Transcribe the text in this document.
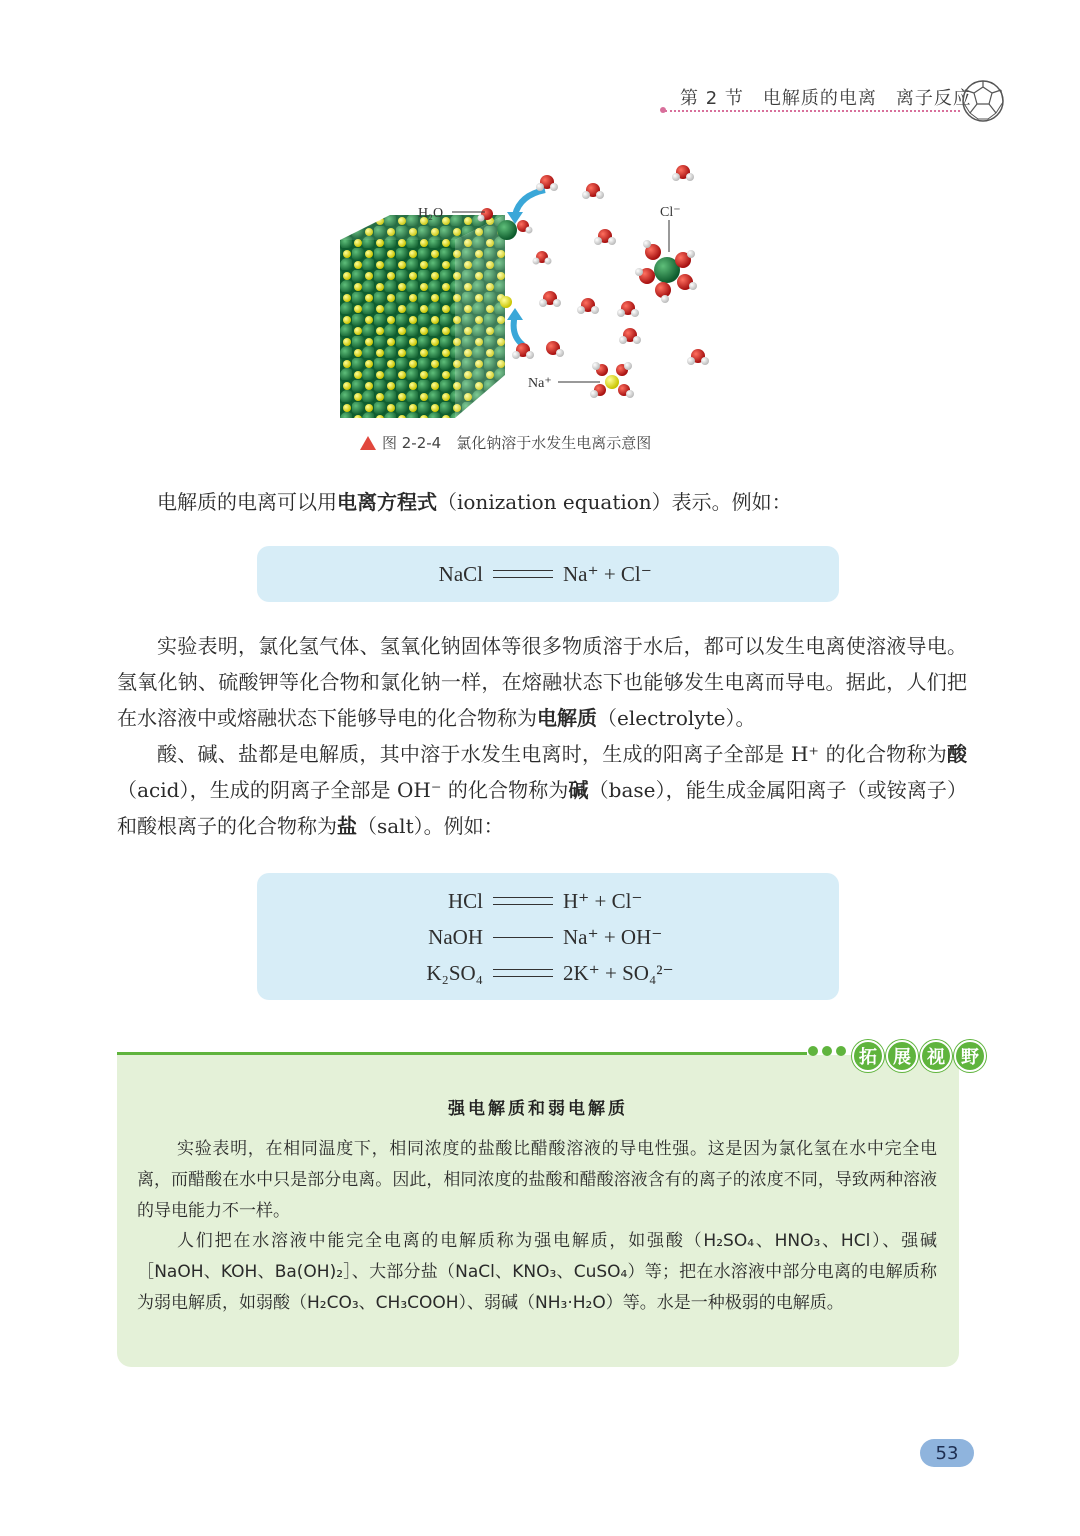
第 2 节　电解质的电离　离子反应
H₂O	Cl⁻
Na⁺
图 2-2-4　氯化钠溶于水发生电离示意图
电解质的电离可以用电离方程式（ionization equation）表示。例如：
NaCl	Na⁺ + Cl⁻
实验表明，氯化氢气体、氢氧化钠固体等很多物质溶于水后，都可以发生电离使溶液导电。氢氧化钠、硫酸钾等化合物和氯化钠一样，在熔融状态下也能够发生电离而导电。据此，人们把在水溶液中或熔融状态下能够导电的化合物称为电解质（electrolyte）。
酸、碱、盐都是电解质，其中溶于水发生电离时，生成的阳离子全部是 H⁺ 的化合物称为酸（acid），生成的阴离子全部是 OH⁻ 的化合物称为碱（base），能生成金属阳离子（或铵离子）和酸根离子的化合物称为盐（salt）。例如：
HCl	H⁺ + Cl⁻
NaOH	Na⁺ + OH⁻
K₂SO₄	2K⁺ + SO₄²⁻

拓 展 视 野
强电解质和弱电解质
实验表明，在相同温度下，相同浓度的盐酸比醋酸溶液的导电性强。这是因为氯化氢在水中完全电离，而醋酸在水中只是部分电离。因此，相同浓度的盐酸和醋酸溶液含有的离子的浓度不同，导致两种溶液的导电能力不一样。
人们把在水溶液中能完全电离的电解质称为强电解质，如强酸（H₂SO₄、HNO₃、HCl）、强碱［NaOH、KOH、Ba(OH)₂］、大部分盐（NaCl、KNO₃、CuSO₄）等；把在水溶液中部分电离的电解质称为弱电解质，如弱酸（H₂CO₃、CH₃COOH）、弱碱（NH₃·H₂O）等。水是一种极弱的电解质。
53
